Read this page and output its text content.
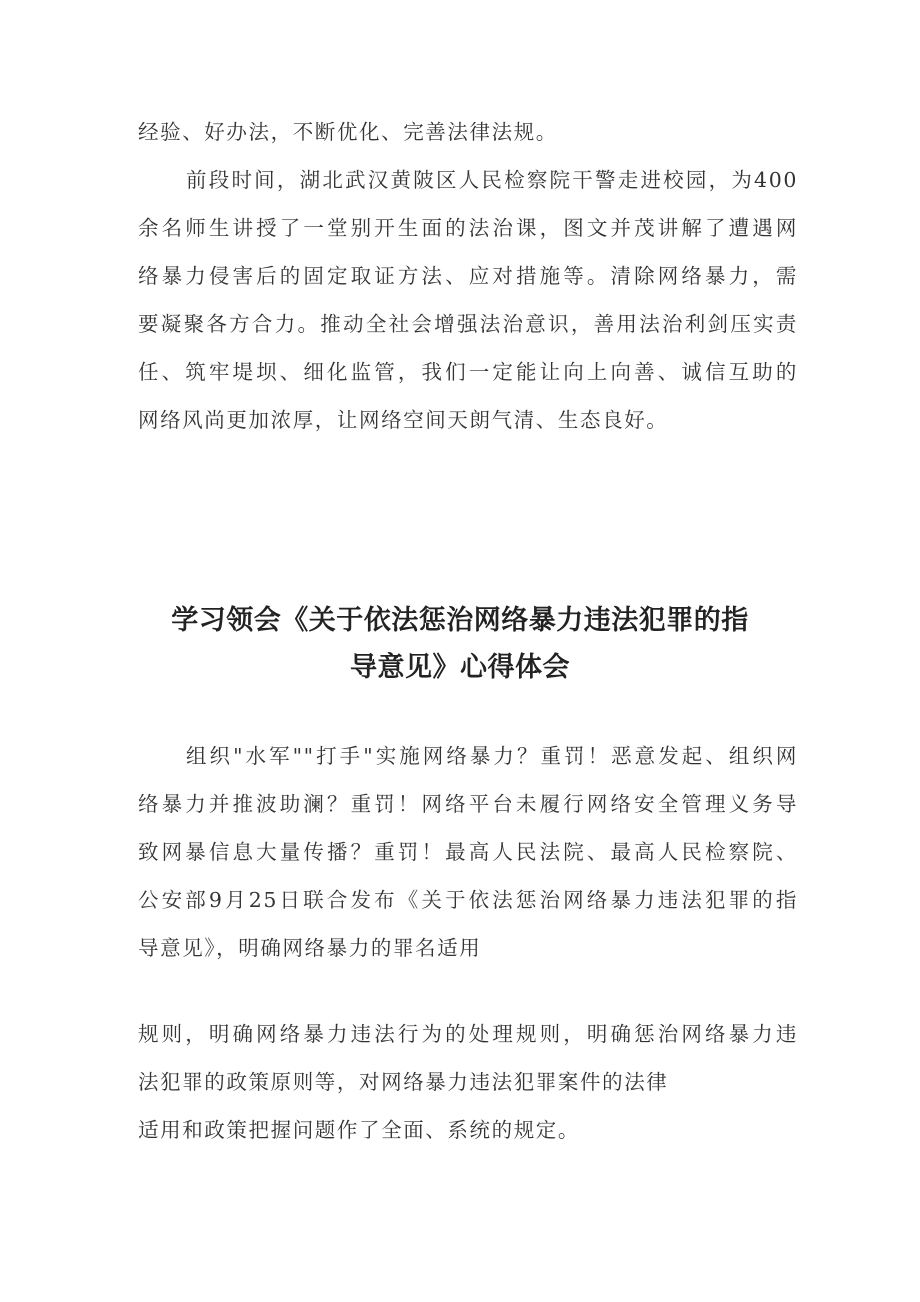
经验、好办法，不断优化、完善法律法规。

前段时间，湖北武汉黄陂区人民检察院干警走进校园，为400

余名师生讲授了一堂别开生面的法治课，图文并茂讲解了遭遇网

络暴力侵害后的固定取证方法、应对措施等。清除网络暴力，需

要凝聚各方合力。推动全社会增强法治意识，善用法治利剑压实责

任、筑牢堤坝、细化监管，我们一定能让向上向善、诚信互助的

网络风尚更加浓厚，让网络空间天朗气清、生态良好。

学习领会《关于依法惩治网络暴力违法犯罪的指
导意见》心得体会

组织"水军""打手"实施网络暴力？重罚！恶意发起、组织网

络暴力并推波助澜？重罚！网络平台未履行网络安全管理义务导

致网暴信息大量传播？重罚！最高人民法院、最高人民检察院、

公安部9月25日联合发布《关于依法惩治网络暴力违法犯罪的指

导意见》，明确网络暴力的罪名适用

规则，明确网络暴力违法行为的处理规则，明确惩治网络暴力违

法犯罪的政策原则等，对网络暴力违法犯罪案件的法律

适用和政策把握问题作了全面、系统的规定。
